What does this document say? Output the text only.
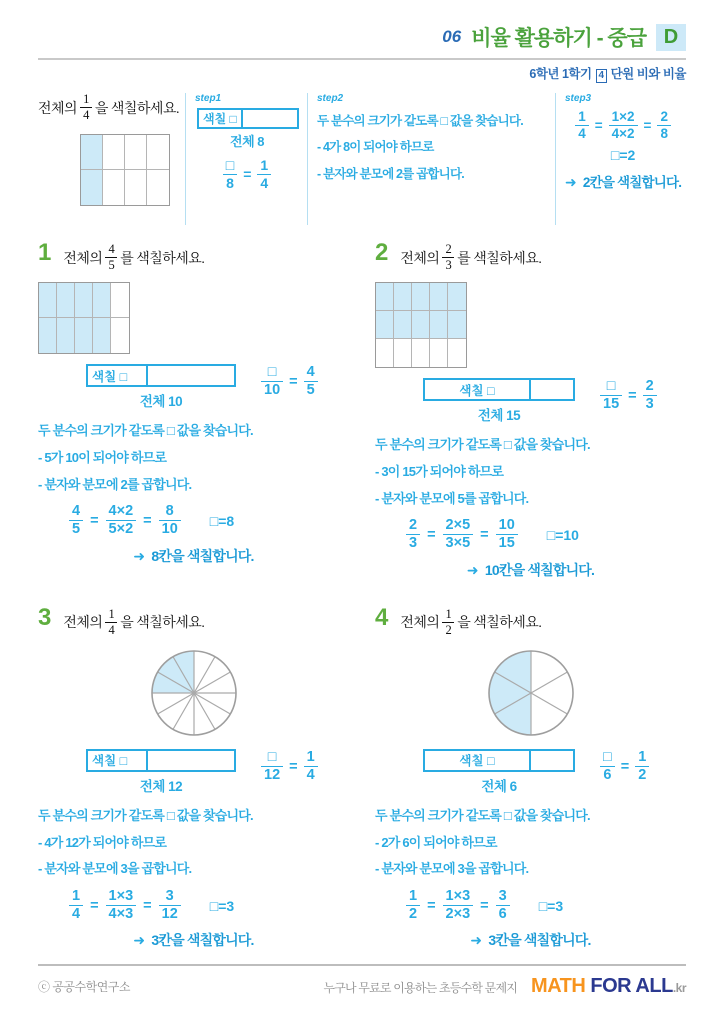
06 비율 활용하기 - 중급 D
6학년 1학기 4 단원 비와 비율
전체의 $\frac{1}{4}$ 을 색칠하세요.

step1
색칠 □
전체 8
$\frac{□}{8} = \frac{1}{4}$
step2
두 분수의 크기가 같도록 □ 값을 찾습니다.
- 4가 8이 되어야 하므로
- 분자와 분모에 2를 곱합니다.
step3
$\frac{1}{4} = \frac{1\times 2}{4\times 2} = \frac{2}{8}$
□=2
➜ 2칸을 색칠합니다.
1 전체의 $\frac{4}{5}$ 를 색칠하세요.
색칠 □
전체 10
$\frac{□}{10} = \frac{4}{5}$
두 분수의 크기가 같도록 □ 값을 찾습니다.
- 5가 10이 되어야 하므로
- 분자와 분모에 2를 곱합니다.
$\frac{4}{5} = \frac{4\times 2}{5\times 2} = \frac{8}{10}$ □=8
➜ 8칸을 색칠합니다.
2 전체의 $\frac{2}{3}$ 를 색칠하세요.
색칠 □
전체 15
$\frac{□}{15} = \frac{2}{3}$
두 분수의 크기가 같도록 □ 값을 찾습니다.
- 3이 15가 되어야 하므로
- 분자와 분모에 5를 곱합니다.
$\frac{2}{3} = \frac{2\times 5}{3\times 5} = \frac{10}{15}$ □=10
➜ 10칸을 색칠합니다.
3 전체의 $\frac{1}{4}$ 을 색칠하세요.
색칠 □
전체 12
$\frac{□}{12} = \frac{1}{4}$
두 분수의 크기가 같도록 □ 값을 찾습니다.
- 4가 12가 되어야 하므로
- 분자와 분모에 3을 곱합니다.
$\frac{1}{4} = \frac{1\times 3}{4\times 3} = \frac{3}{12}$ □=3
➜ 3칸을 색칠합니다.
4 전체의 $\frac{1}{2}$ 을 색칠하세요.
색칠 □
전체 6
$\frac{□}{6} = \frac{1}{2}$
두 분수의 크기가 같도록 □ 값을 찾습니다.
- 2가 6이 되어야 하므로
- 분자와 분모에 3을 곱합니다.
$\frac{1}{2} = \frac{1\times 3}{2\times 3} = \frac{3}{6}$ □=3
➜ 3칸을 색칠합니다.
ⓒ 공공수학연구소	누구나 무료로 이용하는 초등수학 문제지 MATH FOR ALL.kr
